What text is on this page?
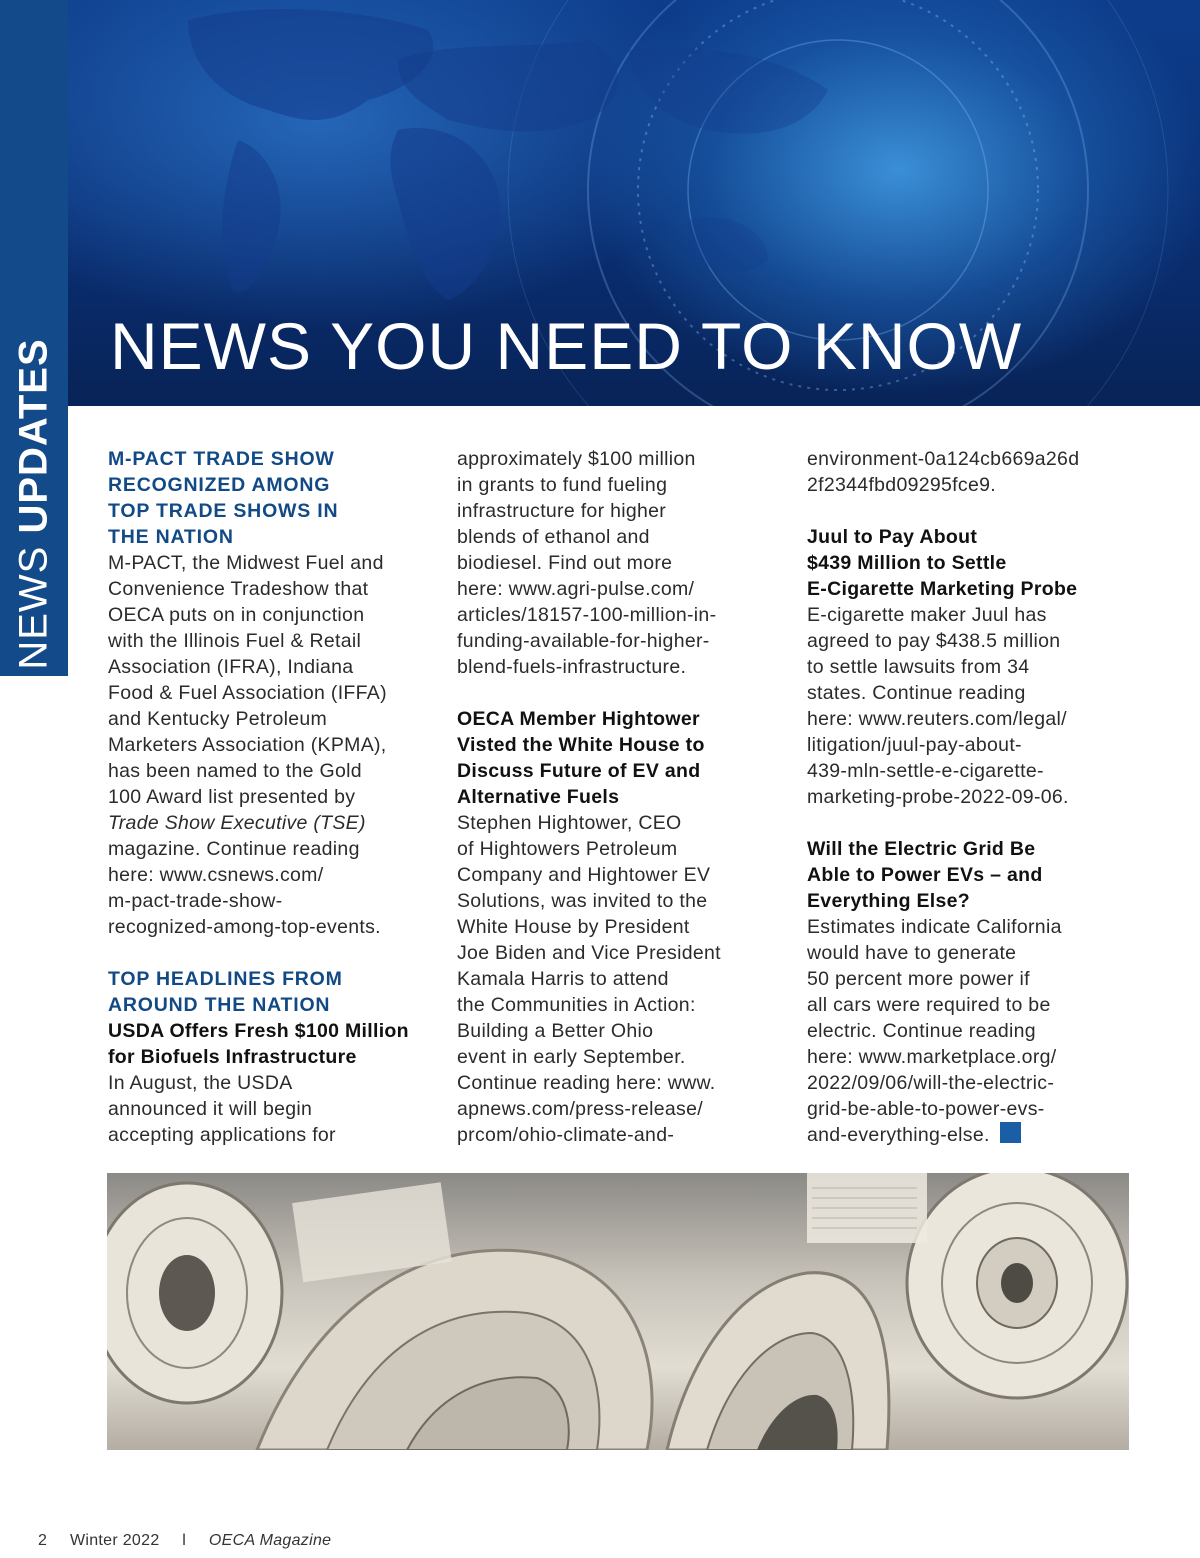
NEWS YOU NEED TO KNOW
NEWS UPDATES	M-PACT TRADE SHOW
RECOGNIZED AMONG
TOP TRADE SHOWS IN
THE NATION

M-PACT, the Midwest Fuel and
Convenience Tradeshow that
OECA puts on in conjunction
with the Illinois Fuel & Retail
Association (IFRA), Indiana
Food & Fuel Association (IFFA)
and Kentucky Petroleum
Marketers Association (KPMA),
has been named to the Gold
100 Award list presented by
Trade Show Executive (TSE)
magazine. Continue reading
here: www.csnews.com/
m-pact-trade-show-
recognized-among-top-events.

TOP HEADLINES FROM
AROUND THE NATION
USDA Offers Fresh $100 Million
for Biofuels Infrastructure

In August, the USDA
announced it will begin
accepting applications for

approximately $100 million
in grants to fund fueling
infrastructure for higher
blends of ethanol and
biodiesel. Find out more
here: www.agri-pulse.com/
articles/18157-100-million-in-
funding-available-for-higher-
blend-fuels-infrastructure.

OECA Member Hightower
Visted the White House to
Discuss Future of EV and
Alternative Fuels

Stephen Hightower, CEO
of Hightowers Petroleum
Company and Hightower EV
Solutions, was invited to the
White House by President
Joe Biden and Vice President
Kamala Harris to attend
the Communities in Action:
Building a Better Ohio
event in early September.
Continue reading here: www.
apnews.com/press-release/
prcom/ohio-climate-and-

environment-0a124cb669a26d
2f2344fbd09295fce9.

Juul to Pay About
$439 Million to Settle
E-Cigarette Marketing Probe

E-cigarette maker Juul has
agreed to pay $438.5 million
to settle lawsuits from 34
states. Continue reading
here: www.reuters.com/legal/
litigation/juul-pay-about-
439-mln-settle-e-cigarette-
marketing-probe-2022-09-06.

Will the Electric Grid Be
Able to Power EVs – and
Everything Else?

Estimates indicate California
would have to generate
50 percent more power if
all cars were required to be
electric. Continue reading
here: www.marketplace.org/
2022/09/06/will-the-electric-
grid-be-able-to-power-evs-
and-everything-else.

2 Winter 2022 l OECA Magazine
